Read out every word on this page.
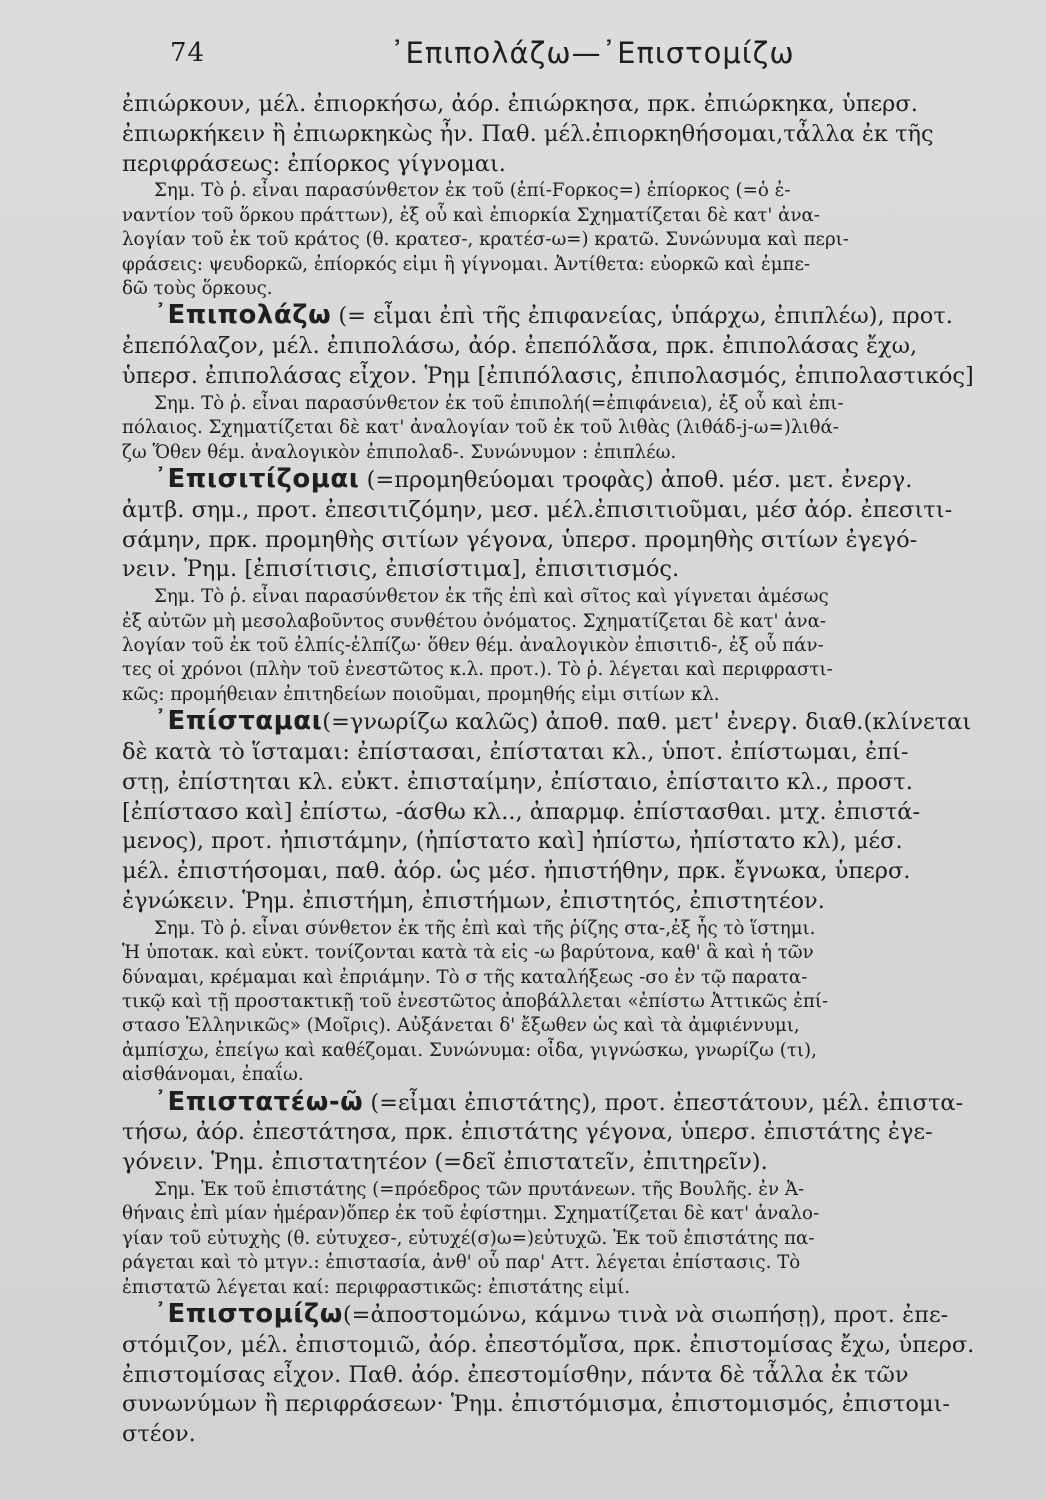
74	᾿Επιπολάζω—᾿Επιστομίζω
ἐπιώρκουν, μέλ. ἐπιορκήσω, ἀόρ. ἐπιώρκησα, πρκ. ἐπιώρκηκα, ὑπερσ.
ἐπιωρκήκειν ἢ ἐπιωρκηκὼς ἦν. Παθ. μέλ.ἐπιορκηθήσομαι,τἆλλα ἐκ τῆς
περιφράσεως: ἐπίορκος γίγνομαι.
Σημ. Τὸ ῥ. εἶναι παρασύνθετον ἐκ τοῦ (ἐπί-Fορκος=) ἐπίορκος (=ὁ ἐ-
ναντίον τοῦ ὅρκου πράττων), ἐξ οὗ καὶ ἐπιορκία Σχηματίζεται δὲ κατ' ἀνα-
λογίαν τοῦ ἐκ τοῦ κράτος (θ. κρατεσ-, κρατέσ-ω=) κρατῶ. Συνώνυμα καὶ περι-
φράσεις: ψευδορκῶ, ἐπίορκός εἰμι ἢ γίγνομαι. Ἀντίθετα: εὐορκῶ καὶ ἐμπε-
δῶ τοὺς ὅρκους.
᾿Επιπολάζω (= εἶμαι ἐπὶ τῆς ἐπιφανείας, ὑπάρχω, ἐπιπλέω), προτ.
ἐπεπόλαζον, μέλ. ἐπιπολάσω, ἀόρ. ἐπεπόλἄσα, πρκ. ἐπιπολάσας ἔχω,
ὑπερσ. ἐπιπολάσας εἶχον. Ῥημ [ἐπιπόλασις, ἐπιπολασμός, ἐπιπολαστικός]
Σημ. Τὸ ῥ. εἶναι παρασύνθετον ἐκ τοῦ ἐπιπολή(=ἐπιφάνεια), ἐξ οὗ καὶ ἐπι-
πόλαιος. Σχηματίζεται δὲ κατ' ἀναλογίαν τοῦ ἐκ τοῦ λιθὰς (λιθάδ-j-ω=)λιθά-
ζω Ὅθεν θέμ. ἀναλογικὸν ἐπιπολαδ-. Συνώνυμον : ἐπιπλέω.
᾿Επισιτίζομαι (=προμηθεύομαι τροφὰς) ἀποθ. μέσ. μετ. ἐνεργ.
ἀμτβ. σημ., προτ. ἐπεσιτιζόμην, μεσ. μέλ.ἐπισιτιοῦμαι, μέσ ἀόρ. ἐπεσιτι-
σάμην, πρκ. προμηθὴς σιτίων γέγονα, ὑπερσ. προμηθὴς σιτίων ἐγεγό-
νειν. Ῥημ. [ἐπισίτισις, ἐπισίστιμα], ἐπισιτισμός.
Σημ. Τὸ ῥ. εἶναι παρασύνθετον ἐκ τῆς ἐπὶ καὶ σῖτος καὶ γίγνεται ἀμέσως
ἐξ αὐτῶν μὴ μεσολαβοῦντος συνθέτου ὀνόματος. Σχηματίζεται δὲ κατ' ἀνα-
λογίαν τοῦ ἐκ τοῦ ἐλπίς-ἐλπίζω· ὅθεν θέμ. ἀναλογικὸν ἐπισιτιδ-, ἐξ οὗ πάν-
τες οἱ χρόνοι (πλὴν τοῦ ἐνεστῶτος κ.λ. προτ.). Τὸ ῥ. λέγεται καὶ περιφραστι-
κῶς: προμήθειαν ἐπιτηδείων ποιοῦμαι, προμηθής εἰμι σιτίων κλ.
᾿Επίσταμαι(=γνωρίζω καλῶς) ἀποθ. παθ. μετ' ἐνεργ. διαθ.(κλίνεται
δὲ κατὰ τὸ ἵσταμαι: ἐπίστασαι, ἐπίσταται κλ., ὑποτ. ἐπίστωμαι, ἐπί-
στῃ, ἐπίστηται κλ. εὐκτ. ἐπισταίμην, ἐπίσταιο, ἐπίσταιτο κλ., προστ.
[ἐπίστασο καὶ] ἐπίστω, -άσθω κλ.., ἀπαρμφ. ἐπίστασθαι. μτχ. ἐπιστά-
μενος), προτ. ἠπιστάμην, (ἠπίστατο καὶ] ἠπίστω, ἠπίστατο κλ), μέσ.
μέλ. ἐπιστήσομαι, παθ. ἀόρ. ὡς μέσ. ἠπιστήθην, πρκ. ἔγνωκα, ὑπερσ.
ἐγνώκειν. Ῥημ. ἐπιστήμη, ἐπιστήμων, ἐπιστητός, ἐπιστητέον.
Σημ. Τὸ ῥ. εἶναι σύνθετον ἐκ τῆς ἐπὶ καὶ τῆς ῥίζης στα-,ἐξ ἧς τὸ ἵστημι.
Ἡ ὑποτακ. καὶ εὐκτ. τονίζονται κατὰ τὰ εἰς -ω βαρύτονα, καθ' ἃ καὶ ἡ τῶν
δύναμαι, κρέμαμαι καὶ ἐπριάμην. Τὸ σ τῆς καταλήξεως -σο ἐν τῷ παρατα-
τικῷ καὶ τῇ προστακτικῇ τοῦ ἐνεστῶτος ἀποβάλλεται «ἐπίστω Ἀττικῶς ἐπί-
στασο Ἑλληνικῶς» (Μοῖρις). Αὐξάνεται δ' ἔξωθεν ὡς καὶ τὰ ἀμφιέννυμι,
ἀμπίσχω, ἐπείγω καὶ καθέζομαι. Συνώνυμα: οἶδα, γιγνώσκω, γνωρίζω (τι),
αἰσθάνομαι, ἐπαΐω.
᾿Επιστατέω-ῶ (=εἶμαι ἐπιστάτης), προτ. ἐπεστάτουν, μέλ. ἐπιστα-
τήσω, ἀόρ. ἐπεστάτησα, πρκ. ἐπιστάτης γέγονα, ὑπερσ. ἐπιστάτης ἐγε-
γόνειν. Ῥημ. ἐπιστατητέον (=δεῖ ἐπιστατεῖν, ἐπιτηρεῖν).
Σημ. Ἐκ τοῦ ἐπιστάτης (=πρόεδρος τῶν πρυτάνεων. τῆς Βουλῆς. ἐν Ἀ-
θήναις ἐπὶ μίαν ἡμέραν)ὅπερ ἐκ τοῦ ἐφίστημι. Σχηματίζεται δὲ κατ' ἀναλο-
γίαν τοῦ εὐτυχὴς (θ. εὐτυχεσ-, εὐτυχέ(σ)ω=)εὐτυχῶ. Ἐκ τοῦ ἐπιστάτης πα-
ράγεται καὶ τὸ μτγν.: ἐπιστασία, ἀνθ' οὗ παρ' Αττ. λέγεται ἐπίστασις. Τὸ
ἐπιστατῶ λέγεται καί: περιφραστικῶς: ἐπιστάτης εἰμί.
᾿Επιστομίζω(=ἀποστομώνω, κάμνω τινὰ νὰ σιωπήσῃ), προτ. ἐπε-
στόμιζον, μέλ. ἐπιστομιῶ, ἀόρ. ἐπεστόμἴσα, πρκ. ἐπιστομίσας ἔχω, ὑπερσ.
ἐπιστομίσας εἶχον. Παθ. ἀόρ. ἐπεστομίσθην, πάντα δὲ τἆλλα ἐκ τῶν
συνωνύμων ἢ περιφράσεων· Ῥημ. ἐπιστόμισμα, ἐπιστομισμός, ἐπιστομι-
στέον.
